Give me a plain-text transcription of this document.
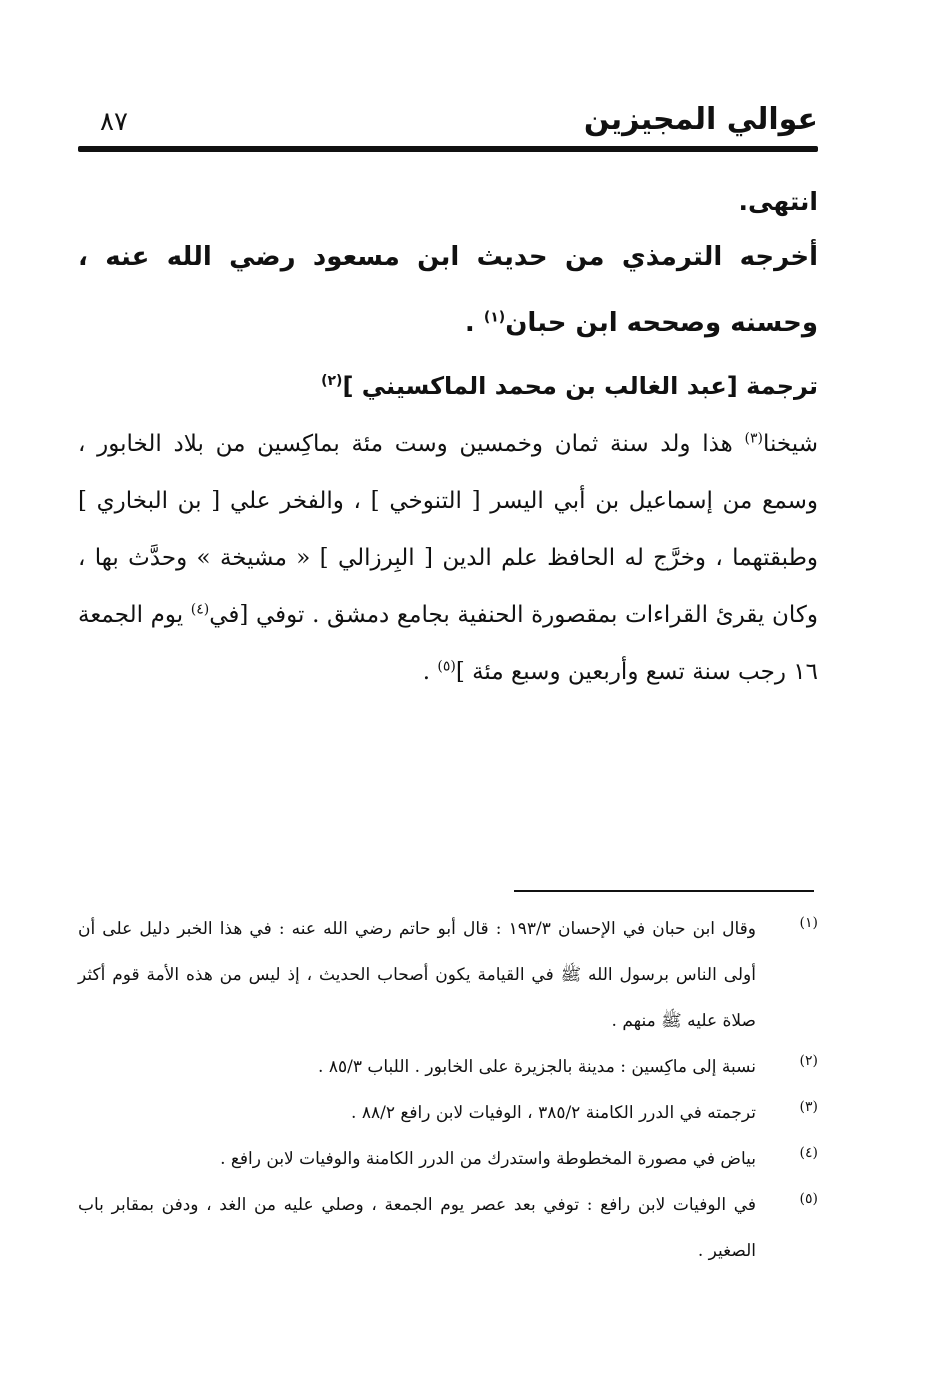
عوالي المجيزين
٨٧
انتهى.
أخرجه الترمذي من حديث ابن مسعود رضي الله عنه ، وحسنه وصححه ابن حبان$^{(١)}$ .
ترجمة [عبد الغالب بن محمد الماكسيني ]$^{(٢)}$
شيخنا$^{(٣)}$ هذا ولد سنة ثمان وخمسين وست مئة بماكِسين من بلاد الخابور ، وسمع من إسماعيل بن أبي اليسر [ التنوخي ] ، والفخر علي [ بن البخاري ] وطبقتهما ، وخرَّج له الحافظ علم الدين [ البِرزالي ] « مشيخة » وحدَّث بها ، وكان يقرئ القراءات بمقصورة الحنفية بجامع دمشق . توفي [في$^{(٤)}$ يوم الجمعة ١٦ رجب سنة تسع وأربعين وسبع مئة ]$^{(٥)}$ .
(١)
وقال ابن حبان في الإحسان ١٩٣/٣ : قال أبو حاتم رضي الله عنه : في هذا الخبر دليل على أن أولى الناس برسول الله ﷺ في القيامة يكون أصحاب الحديث ، إذ ليس من هذه الأمة قوم أكثر صلاة عليه ﷺ منهم .
(٢)
نسبة إلى ماكِسين : مدينة بالجزيرة على الخابور . اللباب ٨٥/٣ .
(٣)
ترجمته في الدرر الكامنة ٣٨٥/٢ ، الوفيات لابن رافع ٨٨/٢ .
(٤)
بياض في مصورة المخطوطة واستدرك من الدرر الكامنة والوفيات لابن رافع .
(٥)
في الوفيات لابن رافع : توفي بعد عصر يوم الجمعة ، وصلي عليه من الغد ، ودفن بمقابر باب الصغير .
